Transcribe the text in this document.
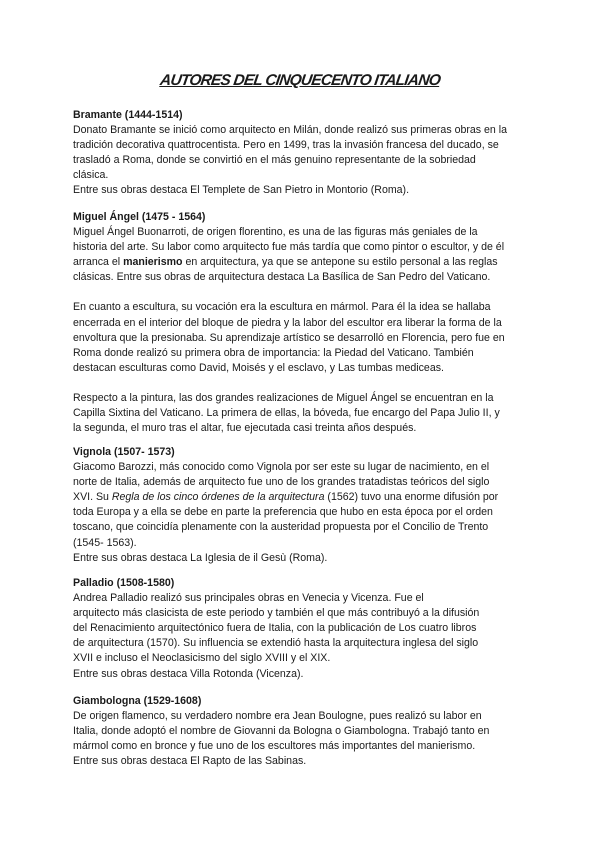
AUTORES DEL CINQUECENTO ITALIANO
Bramante (1444-1514)

Donato Bramante se inició como arquitecto en Milán, donde realizó sus primeras obras en la
tradición decorativa quattrocentista. Pero en 1499, tras la invasión francesa del ducado, se
trasladó a Roma, donde se convirtió en el más genuino representante de la sobriedad
clásica.
Entre sus obras destaca El Templete de San Pietro in Montorio (Roma).

Miguel Ángel (1475 - 1564)

Miguel Ángel Buonarroti, de origen florentino, es una de las figuras más geniales de la
historia del arte. Su labor como arquitecto fue más tardía que como pintor o escultor, y de él
arranca el manierismo en arquitectura, ya que se antepone su estilo personal a las reglas
clásicas. Entre sus obras de arquitectura destaca La Basílica de San Pedro del Vaticano.

En cuanto a escultura, su vocación era la escultura en mármol. Para él la idea se hallaba
encerrada en el interior del bloque de piedra y la labor del escultor era liberar la forma de la
envoltura que la presionaba. Su aprendizaje artístico se desarrolló en Florencia, pero fue en
Roma donde realizó su primera obra de importancia: la Piedad del Vaticano. También
destacan esculturas como David, Moisés y el esclavo, y Las tumbas mediceas.

Respecto a la pintura, las dos grandes realizaciones de Miguel Ángel se encuentran en la
Capilla Sixtina del Vaticano. La primera de ellas, la bóveda, fue encargo del Papa Julio II, y
la segunda, el muro tras el altar, fue ejecutada casi treinta años después.

Vignola (1507- 1573)

Giacomo Barozzi, más conocido como Vignola por ser este su lugar de nacimiento, en el
norte de Italia, además de arquitecto fue uno de los grandes tratadistas teóricos del siglo
XVI. Su Regla de los cinco órdenes de la arquitectura (1562) tuvo una enorme difusión por
toda Europa y a ella se debe en parte la preferencia que hubo en esta época por el orden
toscano, que coincidía plenamente con la austeridad propuesta por el Concilio de Trento
(1545- 1563).
Entre sus obras destaca La Iglesia de il Gesù (Roma).

Palladio (1508-1580)

Andrea Palladio realizó sus principales obras en Venecia y Vicenza. Fue el
arquitecto más clasicista de este periodo y también el que más contribuyó a la difusión
del Renacimiento arquitectónico fuera de Italia, con la publicación de Los cuatro libros
de arquitectura (1570). Su influencia se extendió hasta la arquitectura inglesa del siglo
XVII e incluso el Neoclasicismo del siglo XVIII y el XIX.
Entre sus obras destaca Villa Rotonda (Vicenza).

Giambologna (1529-1608)

De origen flamenco, su verdadero nombre era Jean Boulogne, pues realizó su labor en
Italia, donde adoptó el nombre de Giovanni da Bologna o Giambologna. Trabajó tanto en
mármol como en bronce y fue uno de los escultores más importantes del manierismo.
Entre sus obras destaca El Rapto de las Sabinas.
